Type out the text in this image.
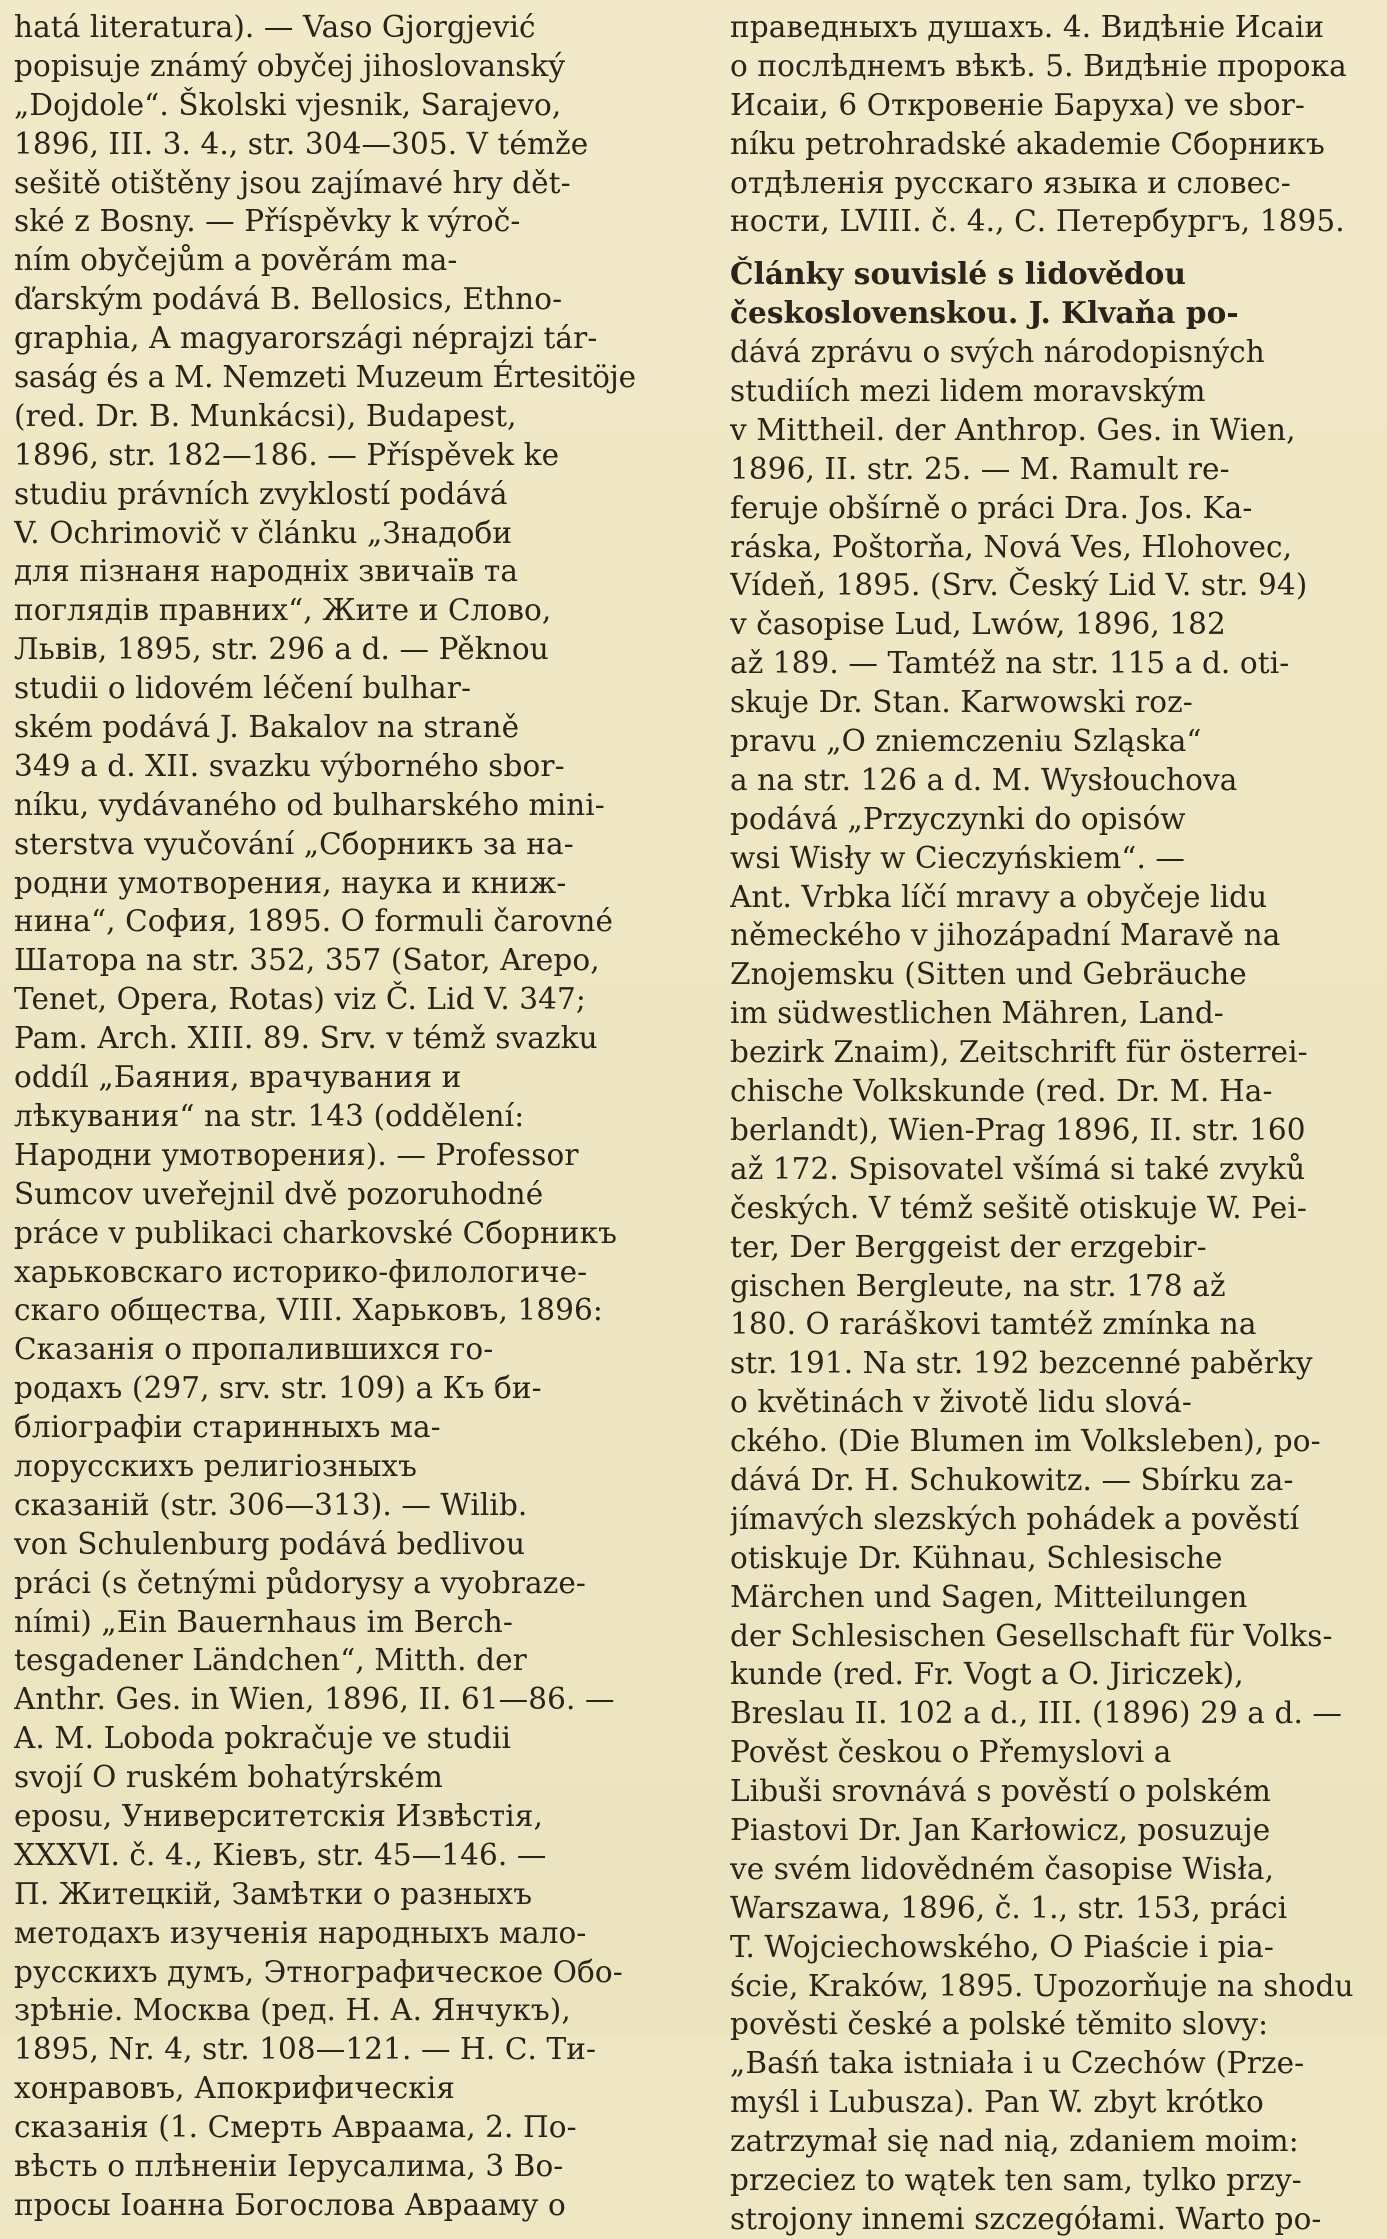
hatá literatura). — Vaso Gjorgjević
popisuje známý obyčej jihoslovanský
„Dojdole“. Školski vjesnik, Sarajevo,
1896, III. 3. 4., str. 304—305. V témže
sešitě otištěny jsou zajímavé hry dět-
ské z Bosny. — Příspěvky k výroč-
ním obyčejům a pověrám ma-
ďarským podává B. Bellosics, Ethno-
graphia, A magyarországi néprajzi tár-
saság és a M. Nemzeti Muzeum Értesitöje
(red. Dr. B. Munkácsi), Budapest,
1896, str. 182—186. — Příspěvek ke
studiu právních zvyklostí podává
V. Ochrimovič v článku „Знадоби
для пізнаня народніх звичаїв та
поглядів правних“, Жите и Слово,
Львів, 1895, str. 296 a d. — Pěknou
studii o lidovém léčení bulhar-
ském podává J. Bakalov na straně
349 a d. XII. svazku výborného sbor-
níku, vydávaného od bulharského mini-
sterstva vyučování „Сборникъ за на-
родни умотворения, наука и книж-
нина“, София, 1895. O formuli čarovné
Шатора na str. 352, 357 (Sator, Arepo,
Tenet, Opera, Rotas) viz Č. Lid V. 347;
Pam. Arch. XIII. 89. Srv. v témž svazku
oddíl „Баяния, врачувания и
лѣкувания“ na str. 143 (oddělení:
Народни умотворения). — Professor
Sumcov uveřejnil dvě pozoruhodné
práce v publikaci charkovské Сборникъ
харьковскаго историко-филологиче-
скаго общества, VIII. Харьковъ, 1896:
Сказанія о пропалившихся го-
родахъ (297, srv. str. 109) a Къ би-
бліографіи старинныхъ ма-
лорусскихъ религіозныхъ
сказаній (str. 306—313). — Wilib.
von Schulenburg podává bedlivou
práci (s četnými půdorysy a vyobraze-
ními) „Ein Bauernhaus im Berch-
tesgadener Ländchen“, Mitth. der
Anthr. Ges. in Wien, 1896, II. 61—86. —
A. M. Loboda pokračuje ve studii
svojí O ruském bohatýrském
eposu, Университетскія Извѣстія,
XXXVI. č. 4., Кіевъ, str. 45—146. —
П. Житецкій, Замѣтки о разныхъ
методахъ изученія народныхъ мало-
русскихъ думъ, Этнографическое Обо-
зрѣніе. Москва (ред. Н. А. Янчукъ),
1895, Nr. 4, str. 108—121. — Н. С. Ти-
хонравовъ, Апокрифическія
сказанія (1. Смерть Авраама, 2. По-
вѣсть о плѣненіи Іерусалима, 3 Во-
просы Іоанна Богослова Аврааму о
праведныхъ душахъ. 4. Видѣніе Исаіи
о послѣднемъ вѣкѣ. 5. Видѣніе пророка
Исаіи, 6 Откровеніе Баруха) ve sbor-
níku petrohradské akademie Сборникъ
отдѣленія русскаго языка и словес-
ности, LVIII. č. 4., С. Петербургъ, 1895.
Články souvislé s lidovědou
československou. J. Klvaňa po-
dává zprávu o svých národopisných
studiích mezi lidem moravským
v Mittheil. der Anthrop. Ges. in Wien,
1896, II. str. 25. — M. Ramult re-
feruje obšírně o práci Dra. Jos. Ka-
ráska, Poštorňa, Nová Ves, Hlohovec,
Vídeň, 1895. (Srv. Český Lid V. str. 94)
v časopise Lud, Lwów, 1896, 182
až 189. — Tamtéž na str. 115 a d. oti-
skuje Dr. Stan. Karwowski roz-
pravu „O zniemczeniu Szląska“
a na str. 126 a d. M. Wysłouchova
podává „Przyczynki do opisów
wsi Wisły w Cieczyńskiem“. —
Ant. Vrbka líčí mravy a obyčeje lidu
německého v jihozápadní Maravě na
Znojemsku (Sitten und Gebräuche
im südwestlichen Mähren, Land-
bezirk Znaim), Zeitschrift für österrei-
chische Volkskunde (red. Dr. M. Ha-
berlandt), Wien-Prag 1896, II. str. 160
až 172. Spisovatel všímá si také zvyků
českých. V témž sešitě otiskuje W. Pei-
ter, Der Berggeist der erzgebir-
gischen Bergleute, na str. 178 až
180. O raráškovi tamtéž zmínka na
str. 191. Na str. 192 bezcenné paběrky
o květinách v životě lidu slová-
ckého. (Die Blumen im Volksleben), po-
dává Dr. H. Schukowitz. — Sbírku za-
jímavých slezských pohádek a pověstí
otiskuje Dr. Kühnau, Schlesische
Märchen und Sagen, Mitteilungen
der Schlesischen Gesellschaft für Volks-
kunde (red. Fr. Vogt a O. Jiriczek),
Breslau II. 102 a d., III. (1896) 29 a d. —
Pověst českou o Přemyslovi a
Libuši srovnává s pověstí o polském
Piastovi Dr. Jan Karłowicz, posuzuje
ve svém lidovědném časopise Wisła,
Warszawa, 1896, č. 1., str. 153, práci
T. Wojciechowského, O Piaście i pia-
ście, Kraków, 1895. Upozorňuje na shodu
pověsti české a polské těmito slovy:
„Baśń taka istniała i u Czechów (Prze-
myśl i Lubusza). Pan W. zbyt krótko
zatrzymał się nad nią, zdaniem moim:
przeciez to wątek ten sam, tylko przy-
strojony innemi szczegółami. Warto po-
